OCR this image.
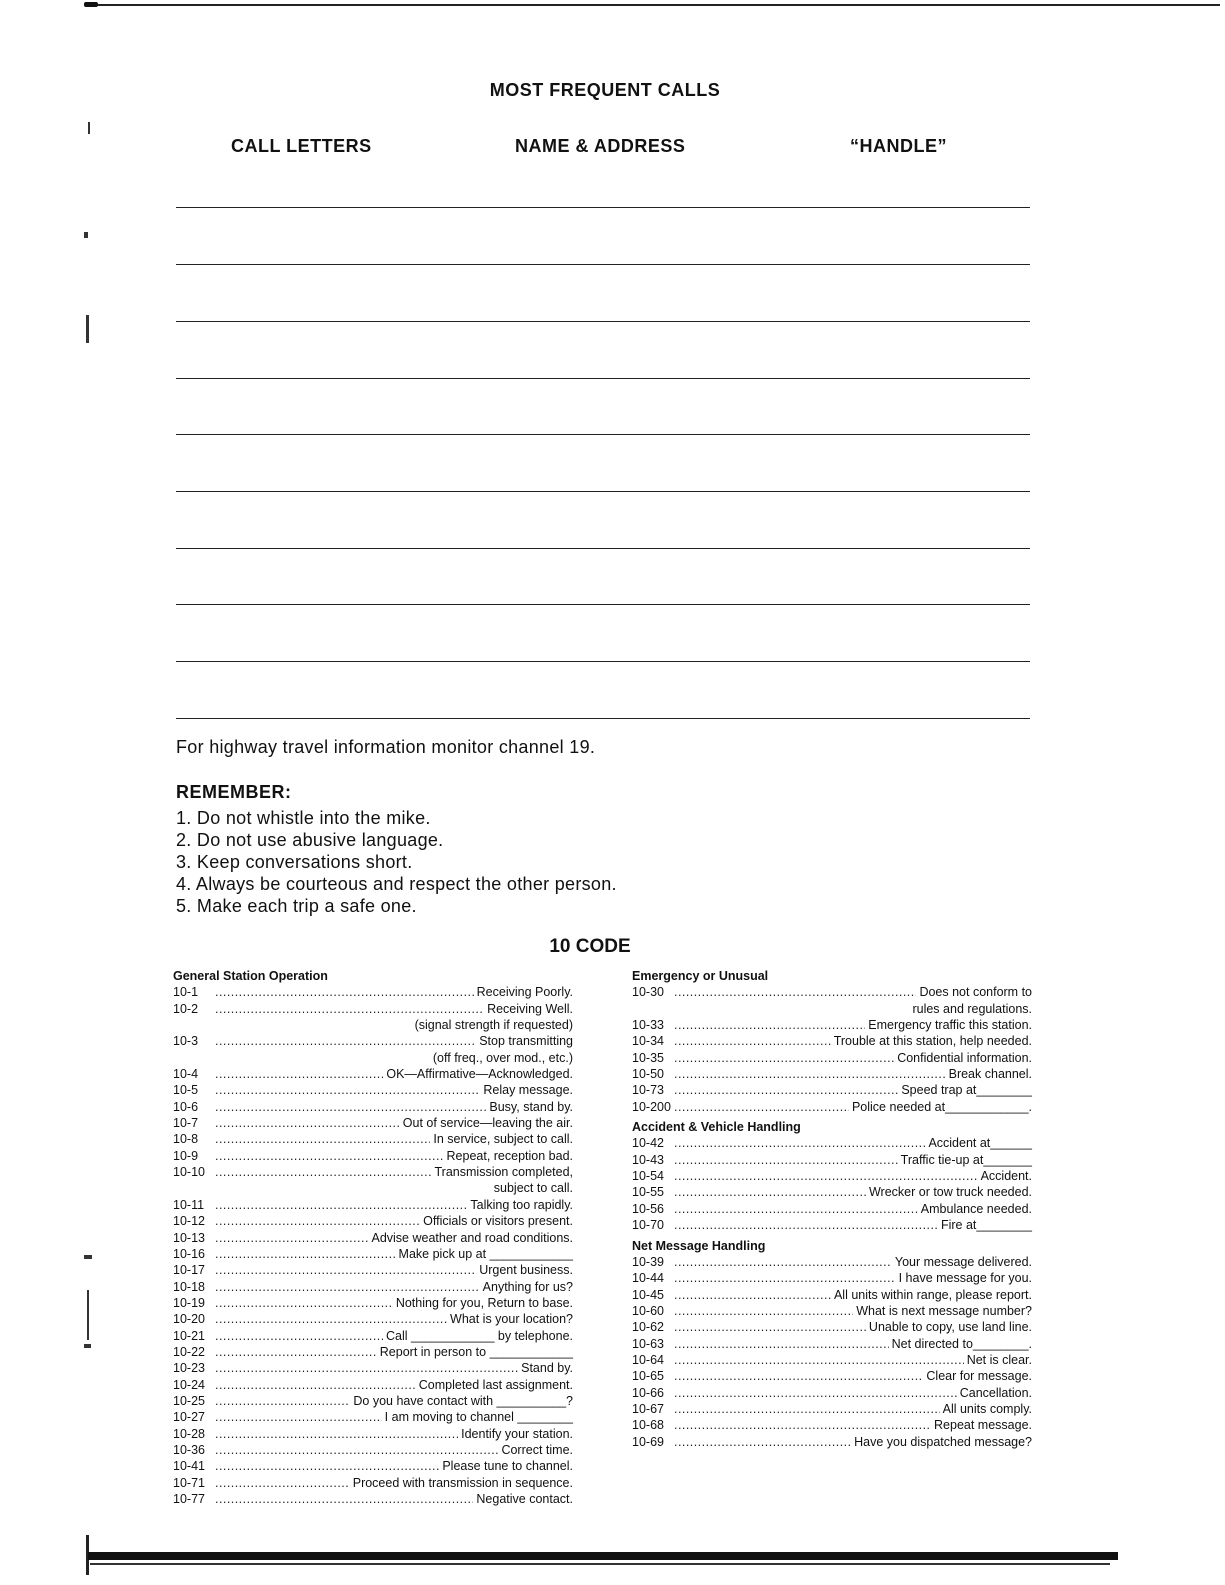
MOST FREQUENT CALLS
CALL LETTERS	NAME & ADDRESS	“HANDLE”
For highway travel information monitor channel 19.
REMEMBER:
1. Do not whistle into the mike.
2. Do not use abusive language.
3. Keep conversations short.
4. Always be courteous and respect the other person.
5. Make each trip a safe one.
10 CODE
General Station Operation
10-1 . . .	Receiving Poorly.
10-2 . . .	Receiving Well.
(signal strength if requested)
10-3 . . .	Stop transmitting
(off freq., over mod., etc.)
10-4 . . .	OK—Affirmative—Acknowledged.
10-5 . . .	Relay message.
10-6 . . .	Busy, stand by.
10-7 . . .	Out of service—leaving the air.
10-8 . . .	In service, subject to call.
10-9 . . .	Repeat, reception bad.
10-10 . . .	Transmission completed,
subject to call.
10-11 . . .	Talking too rapidly.
10-12 . . .	Officials or visitors present.
10-13 . . .	Advise weather and road conditions.
10-16 . . .	Make pick up at ____________
10-17 . . .	Urgent business.
10-18 . . .	Anything for us?
10-19 . . .	Nothing for you, Return to base.
10-20 . . .	What is your location?
10-21 . . .	Call ____________ by telephone.
10-22 . . .	Report in person to ____________
10-23 . . .	Stand by.
10-24 . . .	Completed last assignment.
10-25 . . .	Do you have contact with __________?
10-27 . . .	I am moving to channel ________
10-28 . . .	Identify your station.
10-36 . . .	Correct time.
10-41 . . .	Please tune to channel.
10-71 . . .	Proceed with transmission in sequence.
10-77 . . .	Negative contact.
Emergency or Unusual
10-30 . . .	Does not conform to
rules and regulations.
10-33 . . .	Emergency traffic this station.
10-34 . . .	Trouble at this station, help needed.
10-35 . . .	Confidential information.
10-50 . . .	Break channel.
10-73 . . .	Speed trap at________
10-200 . . .	Police needed at____________.
Accident & Vehicle Handling
10-42 . . .	Accident at______
10-43 . . .	Traffic tie-up at_______
10-54 . . .	Accident.
10-55 . . .	Wrecker or tow truck needed.
10-56 . . .	Ambulance needed.
10-70 . . .	Fire at________
Net Message Handling
10-39 . . .	Your message delivered.
10-44 . . .	I have message for you.
10-45 . . .	All units within range, please report.
10-60 . . .	What is next message number?
10-62 . . .	Unable to copy, use land line.
10-63 . . .	Net directed to________.
10-64 . . .	Net is clear.
10-65 . . .	Clear for message.
10-66 . . .	Cancellation.
10-67 . . .	All units comply.
10-68 . . .	Repeat message.
10-69 . . .	Have you dispatched message?
